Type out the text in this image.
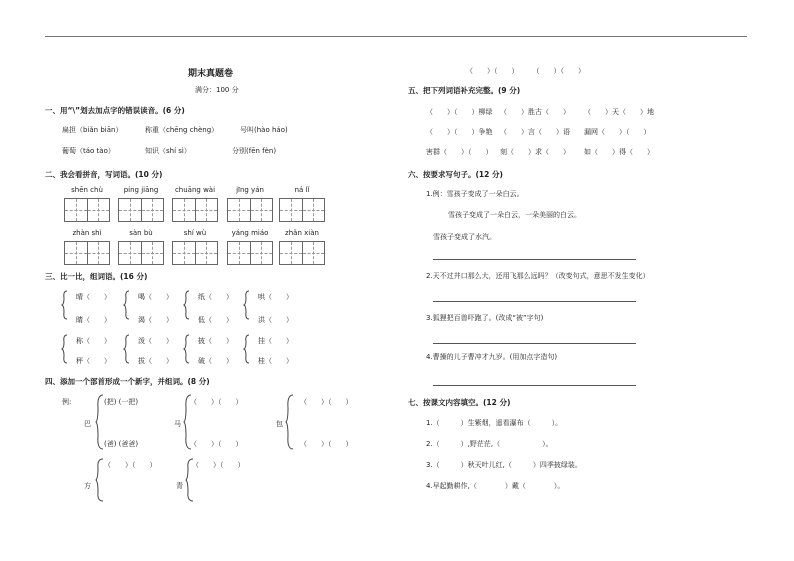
期末真题卷
满分：100 分
一、用“\”划去加点字的错误读音。(6 分)
扁担（biǎn biān）	称重（chēng chèng）	号叫(hào háo)
葡萄（táo tào）	知识（shí sì）	分别(fēn fèn)
二、我会看拼音，写词语。(10 分)
shēn chù	píng jiāng	chuāng wài	jīng yán	ná lǐ
zhàn shì	sàn bù	shí wù	yáng miáo	zhǎn xiàn
三、比一比，组词语。(16 分)
晴（　　）
睛（　　）
喝（　　）
渴（　　）
纸（　　）
低（　　）
哄（　　）
洪（　　）
称（　　）
秤（　　）
泼（　　）
拔（　　）
披（　　）
破（　　）
挂（　　）
桂（　　）
四、添加一个部首形成一个新字，并组词。(8 分)
例:	(把) (一把)
巴
(爸) (爸爸)
马
（　　）（　　）
（　　）（　　）
包
（　　）（　　）
（　　）（　　）
方
（　　）（　　）
青
（　　）（　　）
（　　）（　　）　　　（　　）（　　）
五、把下列词语补充完整。(9 分)
（　　）（　　）柳绿 （　　）胜古（　　） （　　）天（　　）地
（　　）（　　）争艳 （　　）言（　　）语 漏网（　　）（　　）
害群（　　）（　　） 刻（　　）求（　　） 如（　　）得（　　）
六、按要求写句子。(12 分)
1.例：雪孩子变成了一朵白云。
雪孩子变成了一朵白云，一朵美丽的白云。
雪孩子变成了水汽。
2.天不过井口那么大，还用飞那么远吗？（改变句式，意思不发生变化）
3.狐狸把百兽吓跑了。(改成“被”字句)
4.曹操的儿子曹冲才九岁。(用加点字造句)
七、按课文内容填空。(12 分)
1.（　　　）生紫烟，遥看瀑布（　　　）。
2.（　　　）,野茫茫,（　　　　　　）。
3.（　　　）秋天叶儿红,（　　　）四季披绿装。
4.早起勤耕作,（　　　　）戴（　　　　）。
